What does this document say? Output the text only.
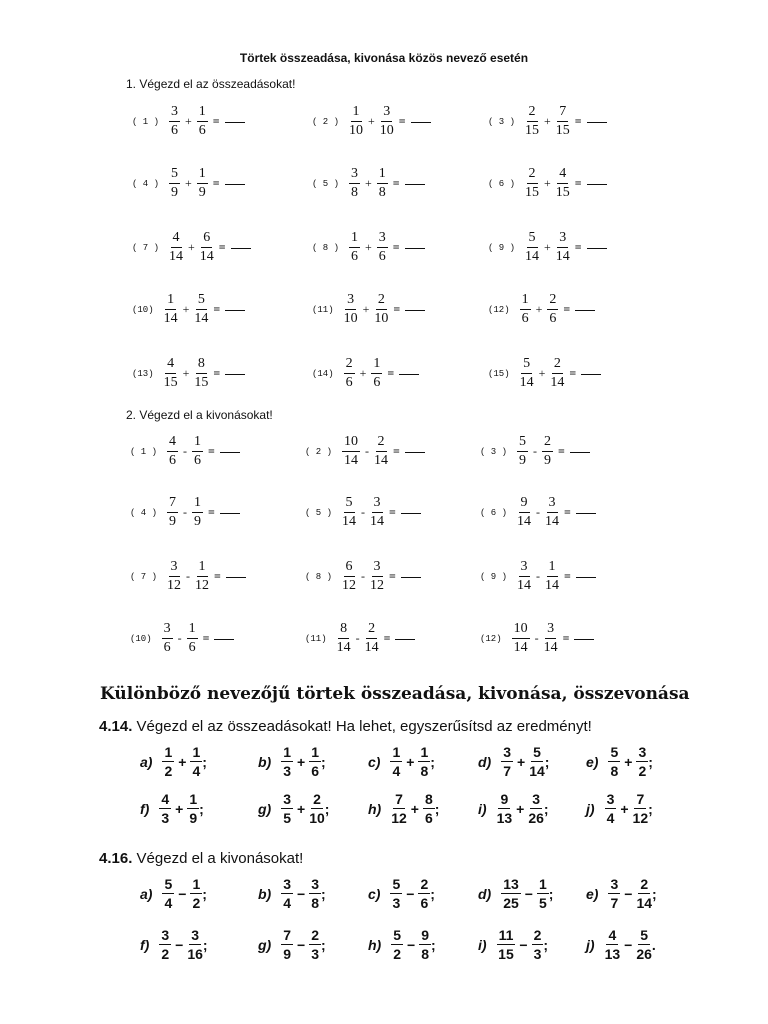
Törtek összeadása, kivonása közös nevező esetén
1. Végezd el az összeadásokat!
( 1 ) $\frac{3}{6} + \frac{1}{6}$ =	( 2 ) $\frac{1}{10} + \frac{3}{10}$ =	( 3 ) $\frac{2}{15} + \frac{7}{15}$ =
( 4 ) $\frac{5}{9} + \frac{1}{9}$ =	( 5 ) $\frac{3}{8} + \frac{1}{8}$ =	( 6 ) $\frac{2}{15} + \frac{4}{15}$ =
( 7 ) $\frac{4}{14} + \frac{6}{14}$ =	( 8 ) $\frac{1}{6} + \frac{3}{6}$ =	( 9 ) $\frac{5}{14} + \frac{3}{14}$ =
$(10) \frac{1}{14} + \frac{5}{14}$ =	$(11) \frac{3}{10} + \frac{2}{10}$ =	$(12) \frac{1}{6} + \frac{2}{6}$ =
$(13) \frac{4}{15} + \frac{8}{15}$ =	$(14) \frac{2}{6} + \frac{1}{6}$ =	$(15) \frac{5}{14} + \frac{2}{14}$ =
2. Végezd el a kivonásokat!
( 1 ) $\frac{4}{6} - \frac{1}{6}$ =	( 2 ) $\frac{10}{14} - \frac{2}{14}$ =	( 3 ) $\frac{5}{9} - \frac{2}{9}$ =
( 4 ) $\frac{7}{9} - \frac{1}{9}$ =	( 5 ) $\frac{5}{14} - \frac{3}{14}$ =	( 6 ) $\frac{9}{14} - \frac{3}{14}$ =
( 7 ) $\frac{3}{12} - \frac{1}{12}$ =	( 8 ) $\frac{6}{12} - \frac{3}{12}$ =	( 9 ) $\frac{3}{14} - \frac{1}{14}$ =
$(10) \frac{3}{6} - \frac{1}{6}$ =	$(11) \frac{8}{14} - \frac{2}{14}$ =	$(12) \frac{10}{14} - \frac{3}{14}$ =
Különböző nevezőjű törtek összeadása, kivonása, összevonása
4.14. Végezd el az összeadásokat! Ha lehet, egyszerűsítsd az eredményt!
$a) \frac{1}{2} + \frac{1}{4}$ ;	$b) \frac{1}{3} + \frac{1}{6}$ ;	$c) \frac{1}{4} + \frac{1}{8}$ ;	$d) \frac{3}{7} + \frac{5}{14}$ ;	$e) \frac{5}{8} + \frac{3}{2}$ ;
$f) \frac{4}{3} + \frac{1}{9}$ ;	$g) \frac{3}{5} + \frac{2}{10}$ ;	$h) \frac{7}{12} + \frac{8}{6}$ ;	$i) \frac{9}{13} + \frac{3}{26}$ ;	$j) \frac{3}{4} + \frac{7}{12}$ ;
4.16. Végezd el a kivonásokat!
$a) \frac{5}{4} - \frac{1}{2}$ ;	$b) \frac{3}{4} - \frac{3}{8}$ ;	$c) \frac{5}{3} - \frac{2}{6}$ ;	$d) \frac{13}{25} - \frac{1}{5}$ ; $e) \frac{3}{7} - \frac{2}{14}$ ;
$f) \frac{3}{2} - \frac{3}{16}$ ;	$g) \frac{7}{9} - \frac{2}{3}$ ;	$h) \frac{5}{2} - \frac{9}{8}$ ;	$i) \frac{11}{15} - \frac{2}{3}$ ;	$j) \frac{4}{13} - \frac{5}{26}$ .
